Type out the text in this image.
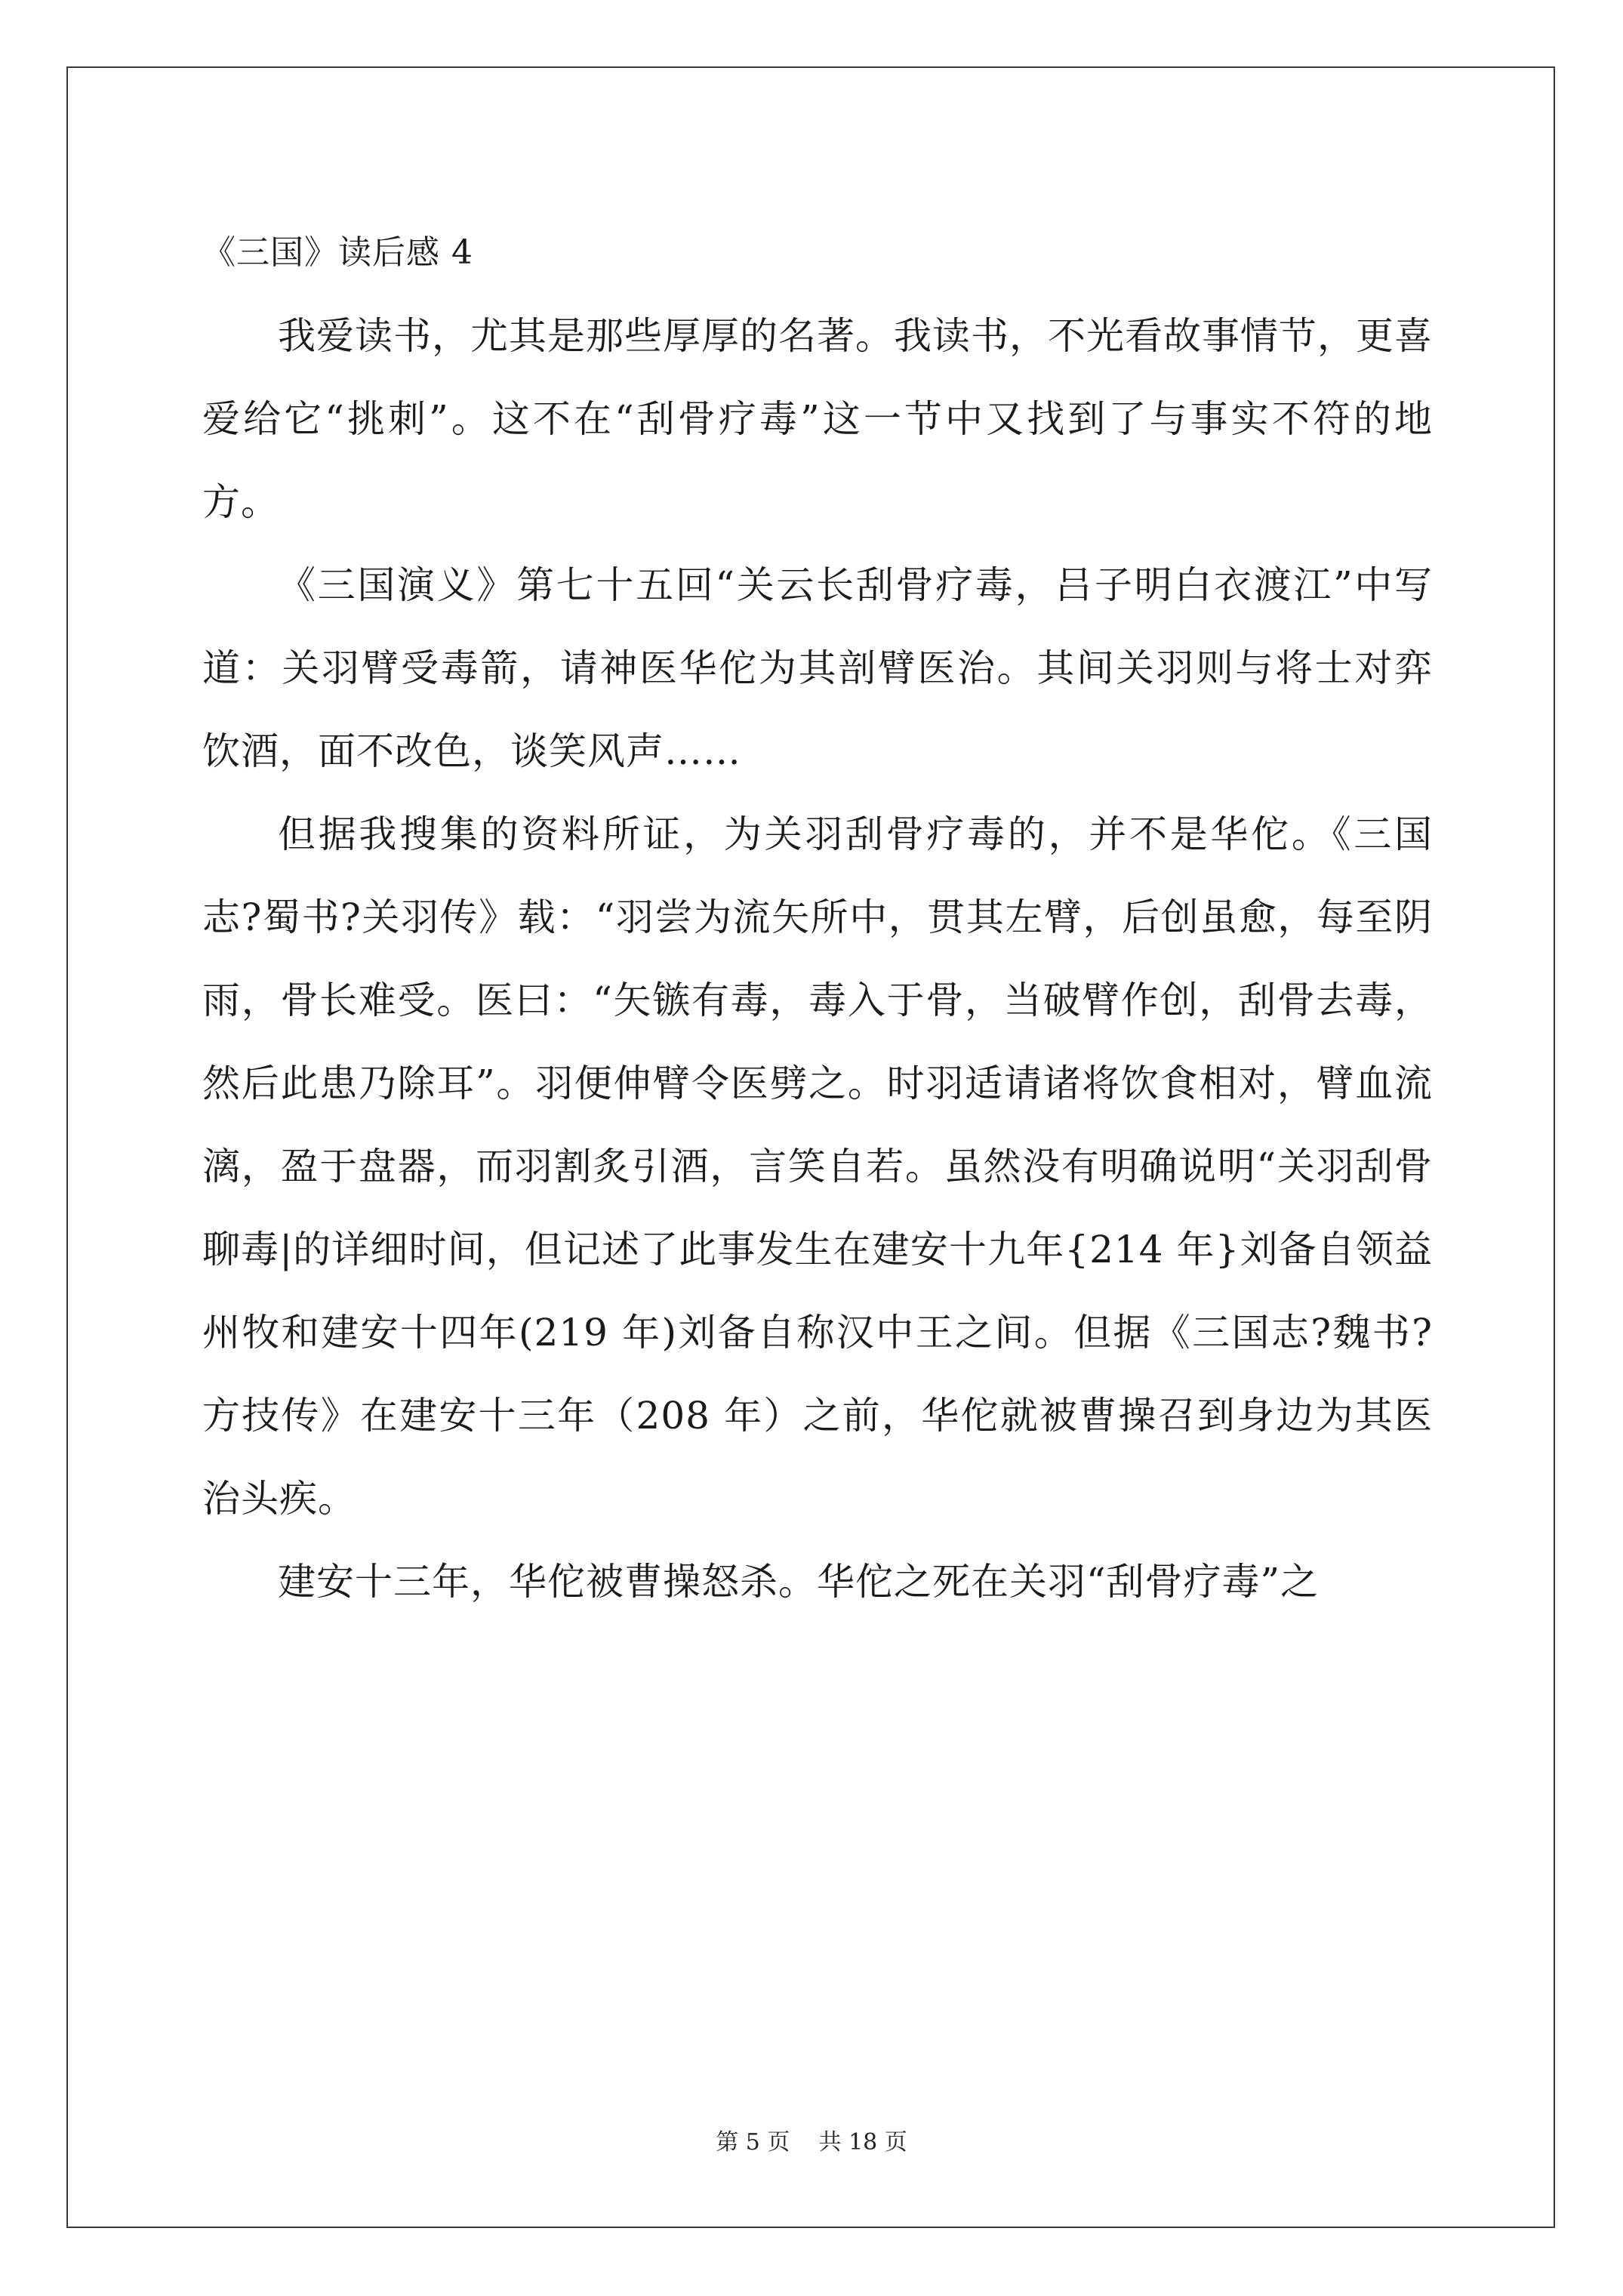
《三国》读后感 4

我爱读书，尤其是那些厚厚的名著。我读书，不光看故事情节，更喜爱给它“挑刺”。这不在“刮骨疗毒”这一节中又找到了与事实不符的地方。

《三国演义》第七十五回“关云长刮骨疗毒，吕子明白衣渡江”中写道：关羽臂受毒箭，请神医华佗为其剖臂医治。其间关羽则与将士对弈饮酒，面不改色，谈笑风声……

但据我搜集的资料所证，为关羽刮骨疗毒的，并不是华佗。《三国志?蜀书?关羽传》载：“羽尝为流矢所中，贯其左臂，后创虽愈，每至阴雨，骨长难受。医曰：“矢镞有毒，毒入于骨，当破臂作创，刮骨去毒，然后此患乃除耳”。羽便伸臂令医劈之。时羽适请诸将饮食相对，臂血流漓，盈于盘器，而羽割炙引酒，言笑自若。虽然没有明确说明“关羽刮骨聊毒|的详细时间，但记述了此事发生在建安十九年{214 年}刘备自领益州牧和建安十四年(219 年)刘备自称汉中王之间。但据《三国志?魏书?方技传》在建安十三年（208 年）之前，华佗就被曹操召到身边为其医治头疾。

建安十三年，华佗被曹操怒杀。华佗之死在关羽“刮骨疗毒”之

第 5 页 共 18 页
